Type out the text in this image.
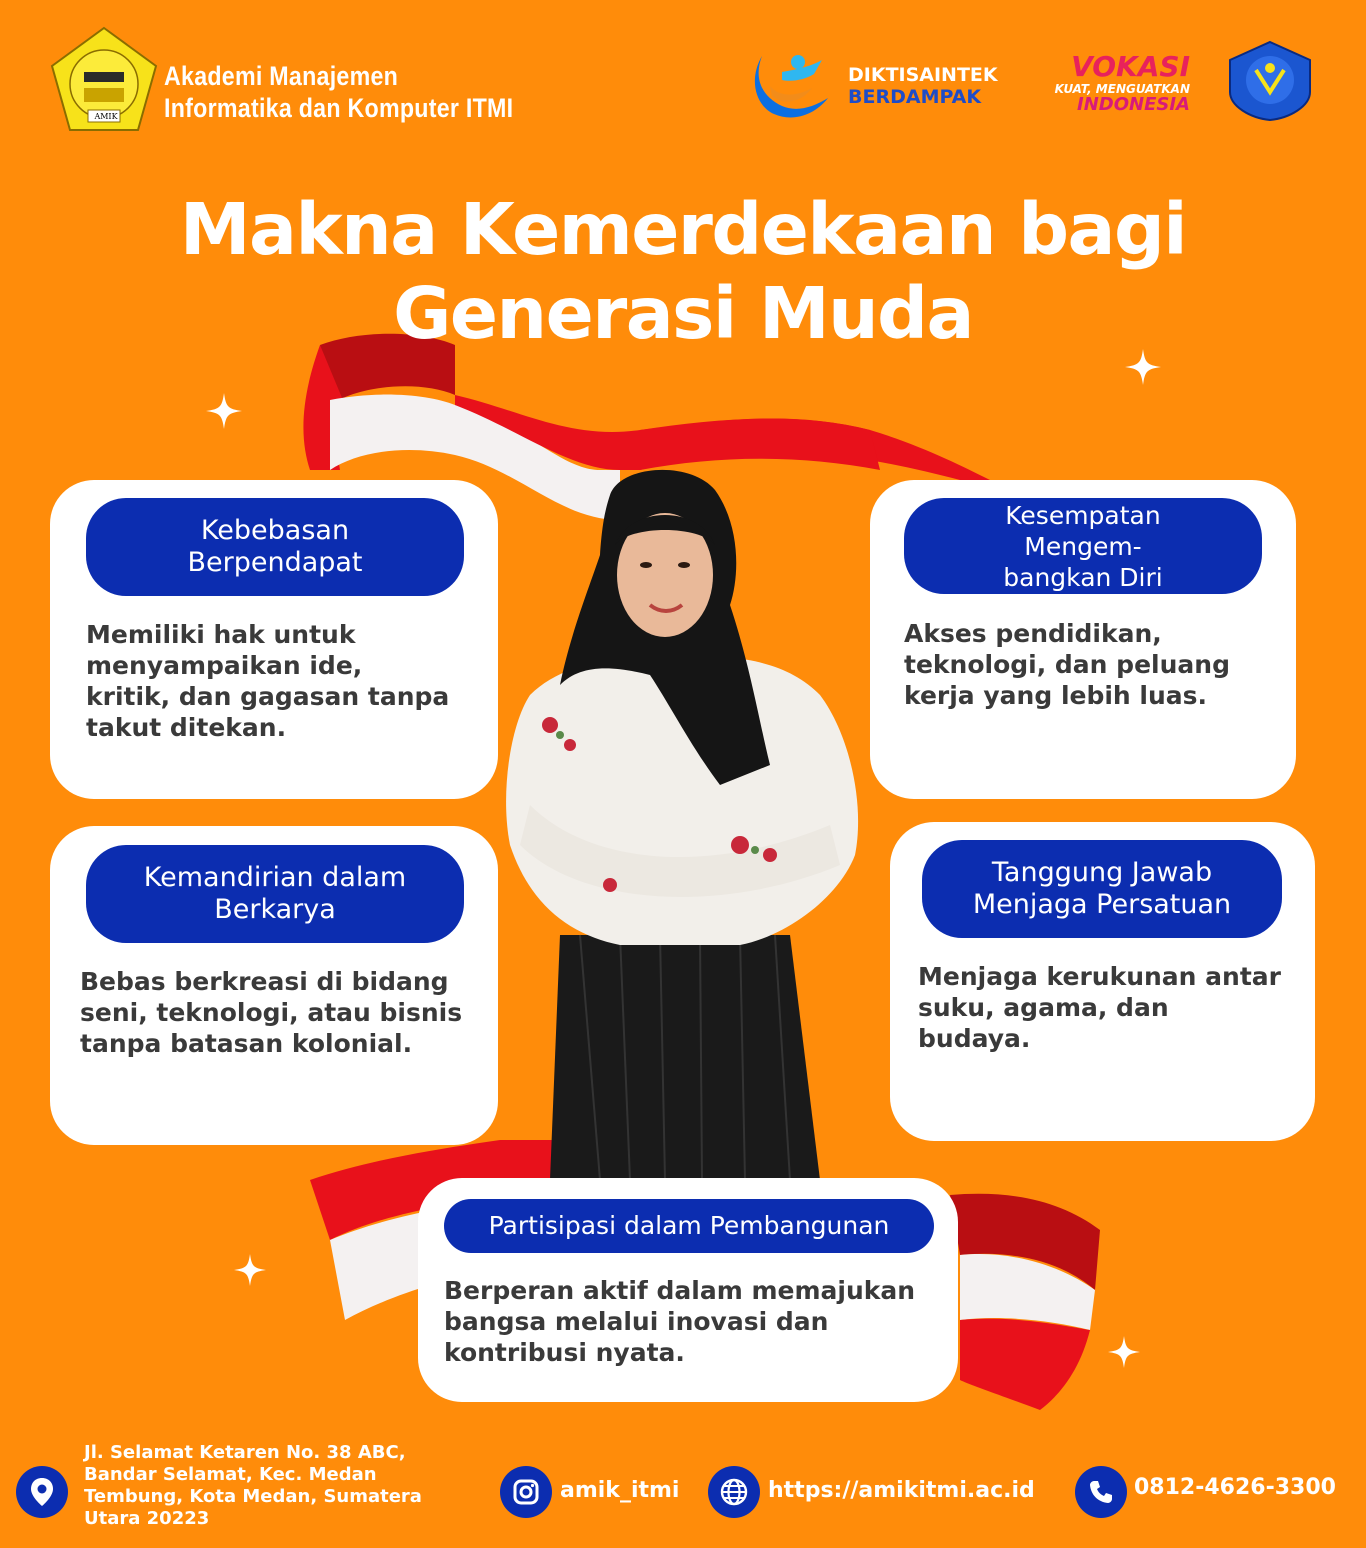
AMIK
Akademi Manajemen
Informatika dan Komputer ITMI
DIKTISAINTEK
BERDAMPAK
VOKASI
KUAT, MENGUATKAN
INDONESIA
Makna Kemerdekaan bagi
Generasi Muda
Kebebasan
Berpendapat
Memiliki hak untuk
menyampaikan ide,
kritik, dan gagasan tanpa
takut ditekan.
Kesempatan
Mengem-
bangkan Diri
Akses pendidikan,
teknologi, dan peluang
kerja yang lebih luas.
Kemandirian dalam
Berkarya
Bebas berkreasi di bidang
seni, teknologi, atau bisnis
tanpa batasan kolonial.
Tanggung Jawab
Menjaga Persatuan
Menjaga kerukunan antar
suku, agama, dan
budaya.
Partisipasi dalam Pembangunan
Berperan aktif dalam memajukan
bangsa melalui inovasi dan
kontribusi nyata.
Jl. Selamat Ketaren No. 38 ABC,
Bandar Selamat, Kec. Medan
Tembung, Kota Medan, Sumatera
Utara 20223
amik_itmi	https://amikitmi.ac.id	0812-4626-3300
